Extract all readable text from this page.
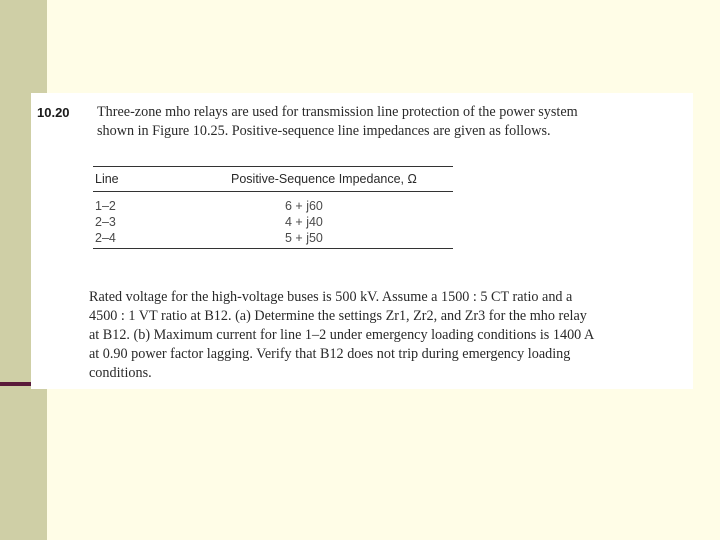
10.20 Three-zone mho relays are used for transmission line protection of the power system
shown in Figure 10.25. Positive-sequence line impedances are given as follows.
Line	Positive-Sequence Impedance, Ω
1–2	6 + j60
2–3	4 + j40
2–4	5 + j50
Rated voltage for the high-voltage buses is 500 kV. Assume a 1500 : 5 CT ratio and a
4500 : 1 VT ratio at B12. (a) Determine the settings Zr1, Zr2, and Zr3 for the mho relay
at B12. (b) Maximum current for line 1–2 under emergency loading conditions is 1400 A
at 0.90 power factor lagging. Verify that B12 does not trip during emergency loading
conditions.
